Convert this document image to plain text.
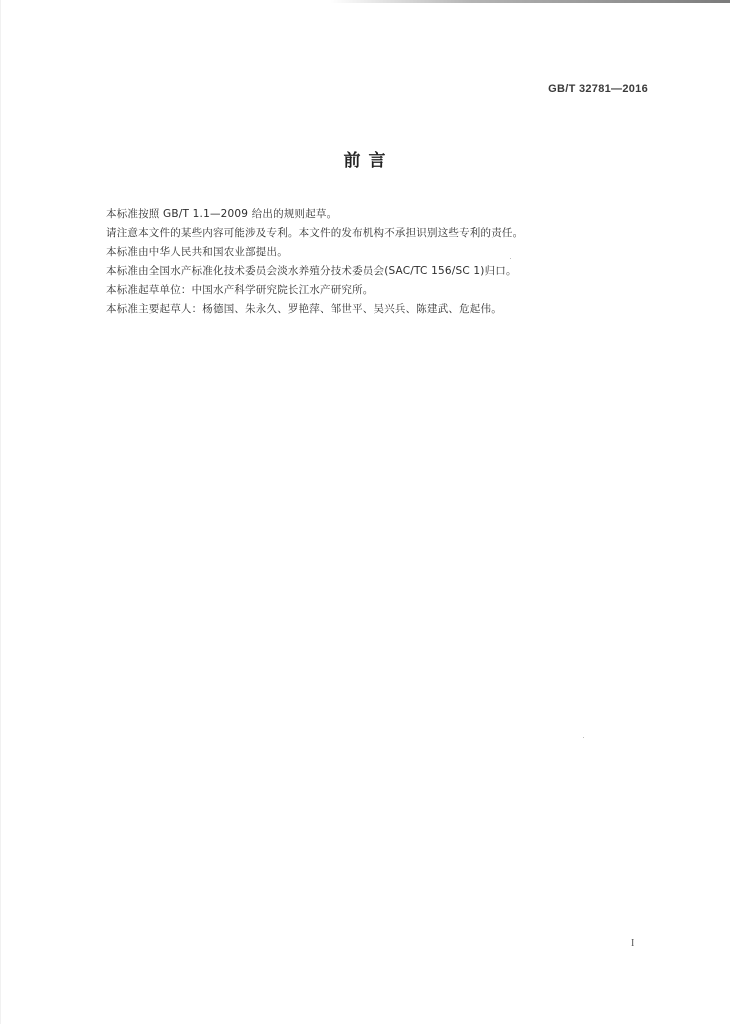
GB/T 32781—2016
前 言
本标准按照 GB/T 1.1—2009 给出的规则起草。
请注意本文件的某些内容可能涉及专利。本文件的发布机构不承担识别这些专利的责任。
本标准由中华人民共和国农业部提出。
本标准由全国水产标准化技术委员会淡水养殖分技术委员会(SAC/TC 156/SC 1)归口。
本标准起草单位：中国水产科学研究院长江水产研究所。
本标准主要起草人：杨德国、朱永久、罗艳萍、邹世平、吴兴兵、陈建武、危起伟。
I
